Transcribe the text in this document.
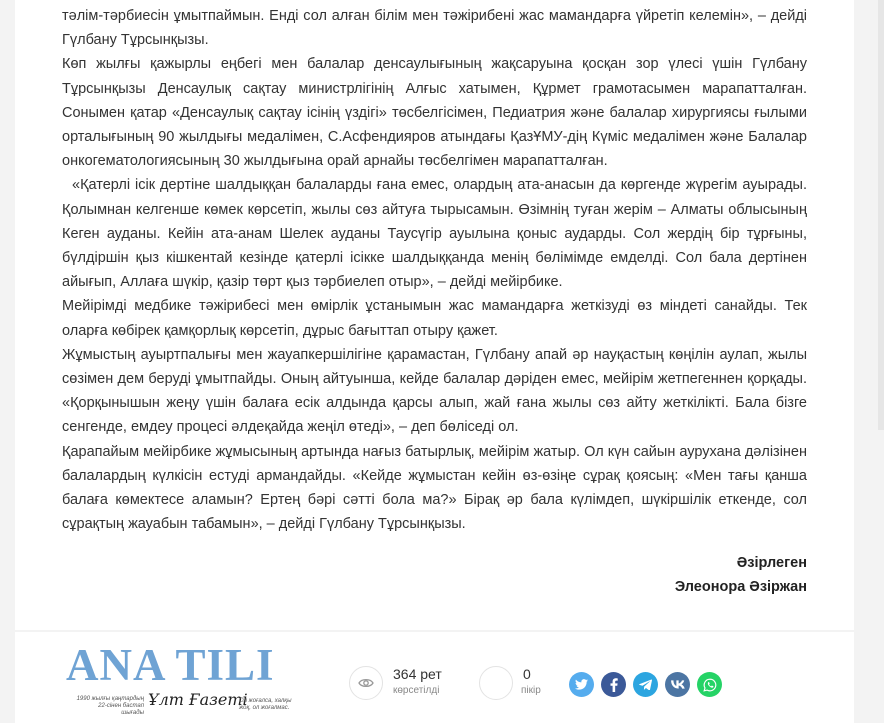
тәлім-тәрбиесін ұмытпаймын. Енді сол алған білім мен тәжірибені жас мамандарға үйретіп келемін», – дейді Гүлбану Тұрсынқызы.

Көп жылғы қажырлы еңбегі мен балалар денсаулығының жақсаруына қосқан зор үлесі үшін Гүлбану Тұрсынқызы Денсаулық сақтау министрлігінің Алғыс хатымен, Құрмет грамотасымен марапатталған. Сонымен қатар «Денсаулық сақтау ісінің үздігі» төсбелгісімен, Педиатрия және балалар хирургиясы ғылыми орталығының 90 жылдығы медалімен, С.Асфендияров атындағы ҚазҰМУ-дің Күміс медалімен және Балалар онкогематологиясының 30 жылдығына орай арнайы төсбелгімен марапатталған.

«Қатерлі ісік дертіне шалдыққан балаларды ғана емес, олардың ата-анасын да көргенде жүрегім ауырады. Қолымнан келгенше көмек көрсетіп, жылы сөз айтуға тырысамын. Өзімнің туған жерім – Алматы облысының Кеген ауданы. Кейін ата-анам Шелек ауданы Таусүгір ауылына қоныс аударды. Сол жердің бір тұрғыны, бүлдіршін қыз кішкентай кезінде қатерлі ісікке шалдыққанда менің бөлімімде емделді. Сол бала дертінен айығып, Аллаға шүкір, қазір төрт қыз тәрбиелеп отыр», – дейді мейірбике.

Мейірімді медбике тәжірибесі мен өмірлік ұстанымын жас мамандарға жеткізуді өз міндеті санайды. Тек оларға көбірек қамқорлық көрсетіп, дұрыс бағыттап отыру қажет.

Жұмыстың ауыртпалығы мен жауапкершілігіне қарамастан, Гүлбану апай әр науқастың көңілін аулап, жылы сөзімен дем беруді ұмытпайды. Оның айтуынша, кейде балалар дәріден емес, мейірім жетпегеннен қорқады. «Қорқынышын жеңу үшін балаға есік алдында қарсы алып, жай ғана жылы сөз айту жеткілікті. Бала бізге сенгенде, емдеу процесі әлдеқайда жеңіл өтеді», – деп бөліседі ол.

Қарапайым мейірбике жұмысының артында нағыз батырлық, мейірім жатыр. Ол күн сайын аурухана дәлізінен балалардың күлкісін естуді армандайды. «Кейде жұмыстан кейін өз-өзіңе сұрақ қоясың: «Мен тағы қанша балаға көмектесе аламын? Ертең бәрі сәтті бола ма?» Бірақ әр бала күлімдеп, шүкіршілік еткенде, сол сұрақтың жауабын табамын», – дейді Гүлбану Тұрсынқызы.

Әзірлеген
Элеонора Әзіржан
ANA TILI
1990 жылғы қаңтардың 22-сінен бастап шығады
Ұлт Ғазеті
Ол жоғалса, халқы жоқ, ол жоғалмас.
364 рет
көрсетілді
0
пікір
